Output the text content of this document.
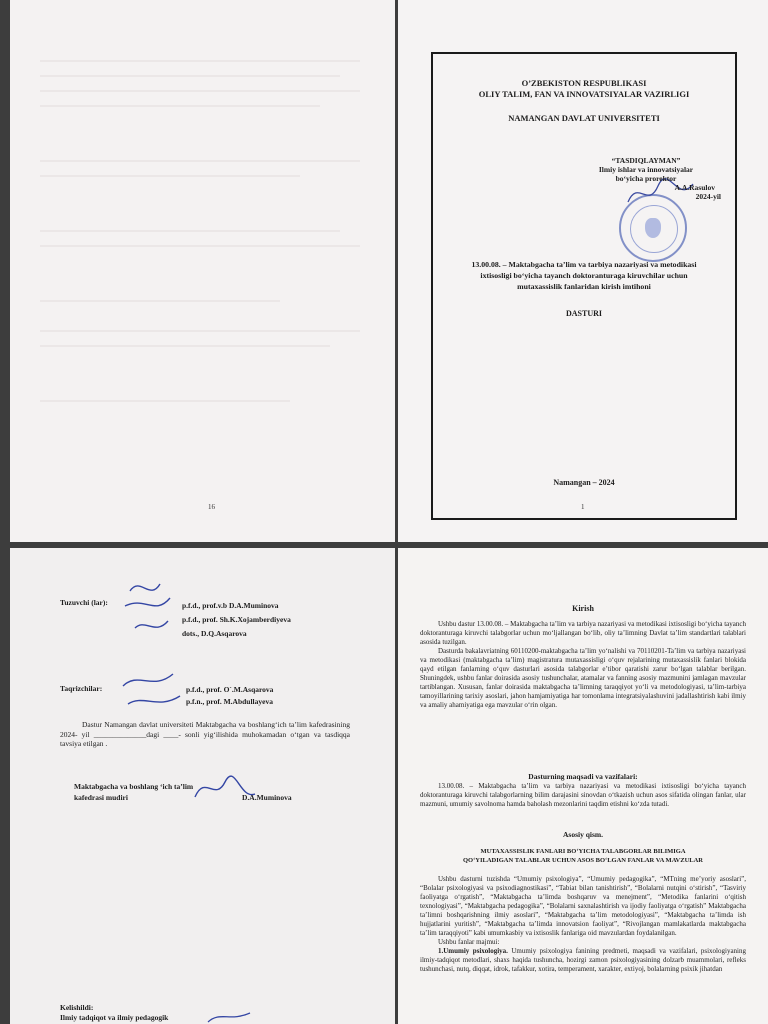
16
O’ZBEKISTON RESPUBLIKASI
OLIY TALIM, FAN VA INNOVATSIYALAR VAZIRLIGI
NAMANGAN DAVLAT UNIVERSITETI
“TASDIQLAYMAN”
Ilmiy ishlar va innovatsiyalar
bo‘yicha prorektor
A.A.Rasulov
2024-yil
13.00.08. – Maktabgacha ta’lim va tarbiya nazariyasi va metodikasi
ixtisosligi bo‘yicha tayanch doktoranturaga kiruvchilar uchun
mutaxassislik fanlaridan kirish imtihoni
DASTURI
Namangan – 2024
1
Tuzuvchi (lar):	p.f.d., prof.v.b D.A.Muminova
p.f.d., prof. Sh.K.Xojamberdiyeva
dots., D.Q.Asqarova
Taqrizchilar:	p.f.d., prof. O`.M.Asqarova
p.f.n., prof. M.Abdullayeva
Dastur Namangan davlat universiteti Maktabgacha va boshlang‘ich ta’lim kafedrasining 2024- yil ______________dagi ____- sonli yig‘ilishida muhokamadan o‘tgan va tasdiqqa tavsiya etilgan .
Maktabgacha va boshlang ‘ich ta’lim
kafedrasi mudiri	D.A.Muminova
Kelishildi:
Ilmiy tadqiqot va ilmiy pedagogik
Kirish

Ushbu dastur 13.00.08. – Maktabgacha ta’lim va tarbiya nazariyasi va metodikasi ixtisosligi bo‘yicha tayanch doktoranturaga kiruvchi talabgorlar uchun mo‘ljallangan bo‘lib, oliy ta’limning Davlat ta’lim standartlari talablari asosida tuzilgan.

Dasturda bakalavriatning 60110200-maktabgacha ta’lim yo‘nalishi va 70110201-Ta’lim va tarbiya nazariyasi va metodikasi (maktabgacha ta’lim) magistratura mutaxassisligi o‘quv rejalarining mutaxassislik fanlari blokida qayd etilgan fanlarning o‘quv dasturlari asosida talabgorlar e’tibor qaratishi zarur bo‘lgan talablar berilgan. Shuningdek, ushbu fanlar doirasida asosiy tushunchalar, atamalar va fanning asosiy mazmunini jamlagan mavzular tartiblangan. Xususan, fanlar doirasida maktabgacha ta’limning taraqqiyot yo‘li va metodologiyasi, ta’lim-tarbiya tamoyillarining tarixiy asoslari, jahon hamjamiyatiga har tomonlama integratsiyalashuvini jadallashtirish kabi ilmiy va amaliy ahamiyatiga ega mavzular o‘rin olgan.

Dasturning maqsadi va vazifalari:

13.00.08. – Maktabgacha ta’lim va tarbiya nazariyasi va metodikasi ixtisosligi bo‘yicha tayanch doktoranturaga kiruvchi talabgorlarning bilim darajasini sinovdan o‘tkazish uchun asos sifatida olingan fanlar, ular mazmuni, umumiy savolnoma hamda baholash mezonlarini taqdim etishni ko‘zda tutadi.

Asosiy qism.
MUTAXASSISLIK FANLARI BO‘YICHA TALABGORLAR BILIMIGA
QO‘YILADIGAN TALABLAR UCHUN ASOS BO‘LGAN FANLAR VA MAVZULAR

Ushbu dasturni tuzishda “Umumiy psixologiya”, “Umumiy pedagogika”, “MTning me’yoriy asoslari”, “Bolalar psixologiyasi va psixodiagnostikasi”, “Tabiat bilan tanishtirish”, “Bolalarni nutqini o‘stirish”, “Tasviriy faoliyatga o‘rgatish”, “Maktabgacha ta’limda boshqaruv va menejment”, “Metodika fanlarini o‘qitish texnologiyasi”, “Maktabgacha pedagogika”, “Bolalarni saxnalashtirish va ijodiy faoliyatga o‘rgatish” Maktabgacha ta’limni boshqarishning ilmiy asoslari”, “Maktabgacha ta’lim metodologiyasi”, “Maktabgacha ta’limda ish hujjatlarini yuritish”, “Maktabgacha ta’limda innovatsion faoliyat”, “Rivojlangan mamlakatlarda maktabgacha ta’lim taraqqiyoti” kabi umumkasbiy va ixtisoslik fanlariga oid mavzulardan foydalanilgan.

Ushbu fanlar majmui:

1.Umumiy psixologiya. Umumiy psixologiya fanining predmeti, maqsadi va vazifalari, psixologiyaning ilmiy-tadqiqot metodlari, shaxs haqida tushuncha, hozirgi zamon psixologiyasining dolzarb muammolari, refleks tushunchasi, nutq, diqqat, idrok, tafakkur, xotira, temperament, xarakter, extiyoj, bolalarning psixik jihatdan
